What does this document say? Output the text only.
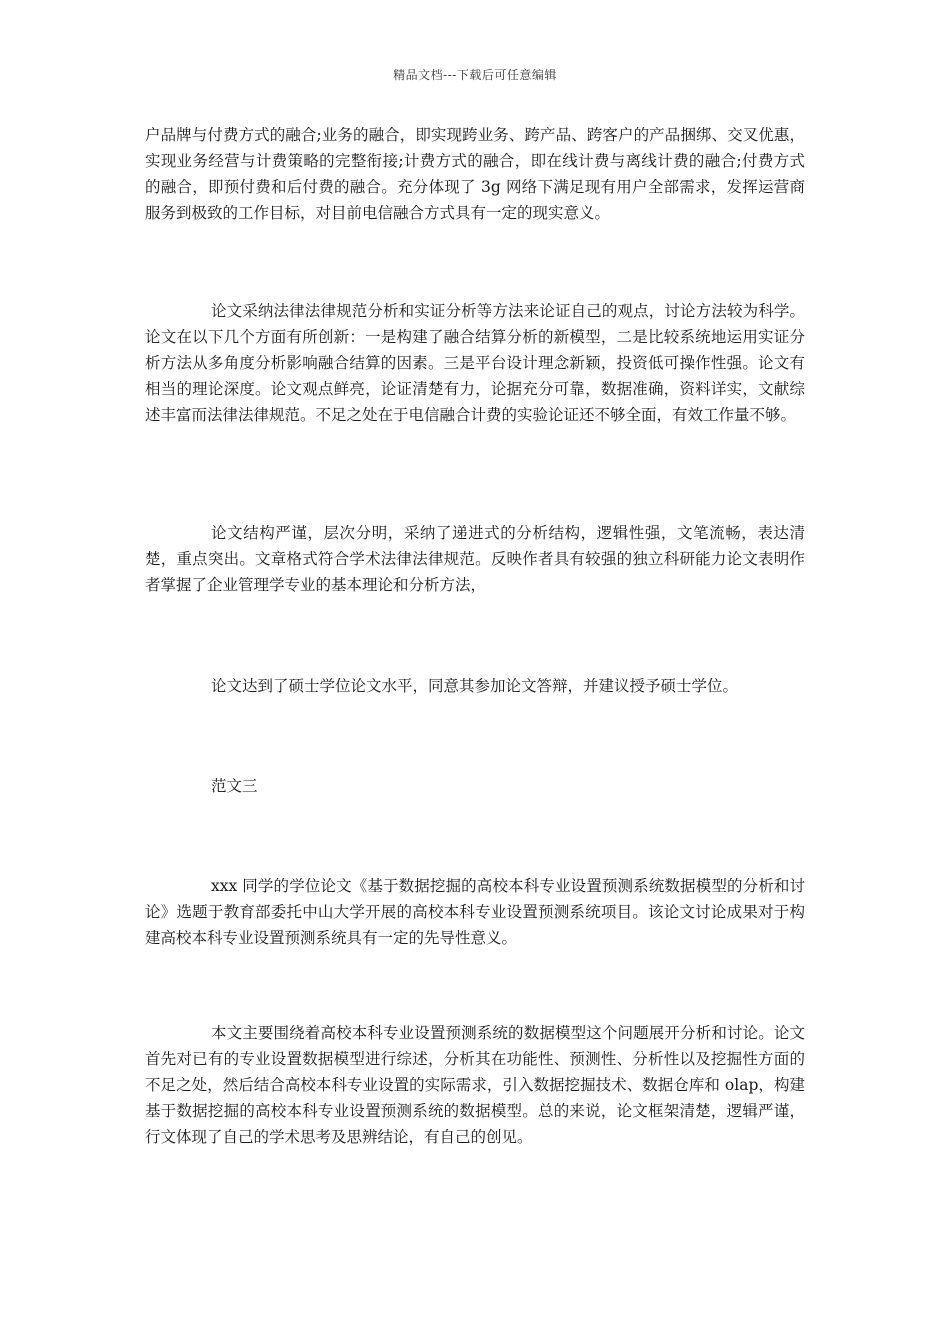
精品文档---下载后可任意编辑

户品牌与付费方式的融合;业务的融合，即实现跨业务、跨产品、跨客户的产品捆绑、交叉优惠，实现业务经营与计费策略的完整衔接;计费方式的融合，即在线计费与离线计费的融合;付费方式的融合，即预付费和后付费的融合。充分体现了 3g 网络下满足现有用户全部需求，发挥运营商服务到极致的工作目标，对目前电信融合方式具有一定的现实意义。

论文采纳法律法律规范分析和实证分析等方法来论证自己的观点，讨论方法较为科学。论文在以下几个方面有所创新：一是构建了融合结算分析的新模型，二是比较系统地运用实证分析方法从多角度分析影响融合结算的因素。三是平台设计理念新颖，投资低可操作性强。论文有相当的理论深度。论文观点鲜亮，论证清楚有力，论据充分可靠，数据准确，资料详实，文献综述丰富而法律法律规范。不足之处在于电信融合计费的实验论证还不够全面，有效工作量不够。

论文结构严谨，层次分明，采纳了递进式的分析结构，逻辑性强，文笔流畅，表达清楚，重点突出。文章格式符合学术法律法律规范。反映作者具有较强的独立科研能力论文表明作者掌握了企业管理学专业的基本理论和分析方法，

论文达到了硕士学位论文水平，同意其参加论文答辩，并建议授予硕士学位。

范文三

xxx 同学的学位论文《基于数据挖掘的高校本科专业设置预测系统数据模型的分析和讨论》选题于教育部委托中山大学开展的高校本科专业设置预测系统项目。该论文讨论成果对于构建高校本科专业设置预测系统具有一定的先导性意义。

本文主要围绕着高校本科专业设置预测系统的数据模型这个问题展开分析和讨论。论文首先对已有的专业设置数据模型进行综述，分析其在功能性、预测性、分析性以及挖掘性方面的不足之处，然后结合高校本科专业设置的实际需求，引入数据挖掘技术、数据仓库和 olap，构建基于数据挖掘的高校本科专业设置预测系统的数据模型。总的来说，论文框架清楚，逻辑严谨，行文体现了自己的学术思考及思辨结论，有自己的创见。
